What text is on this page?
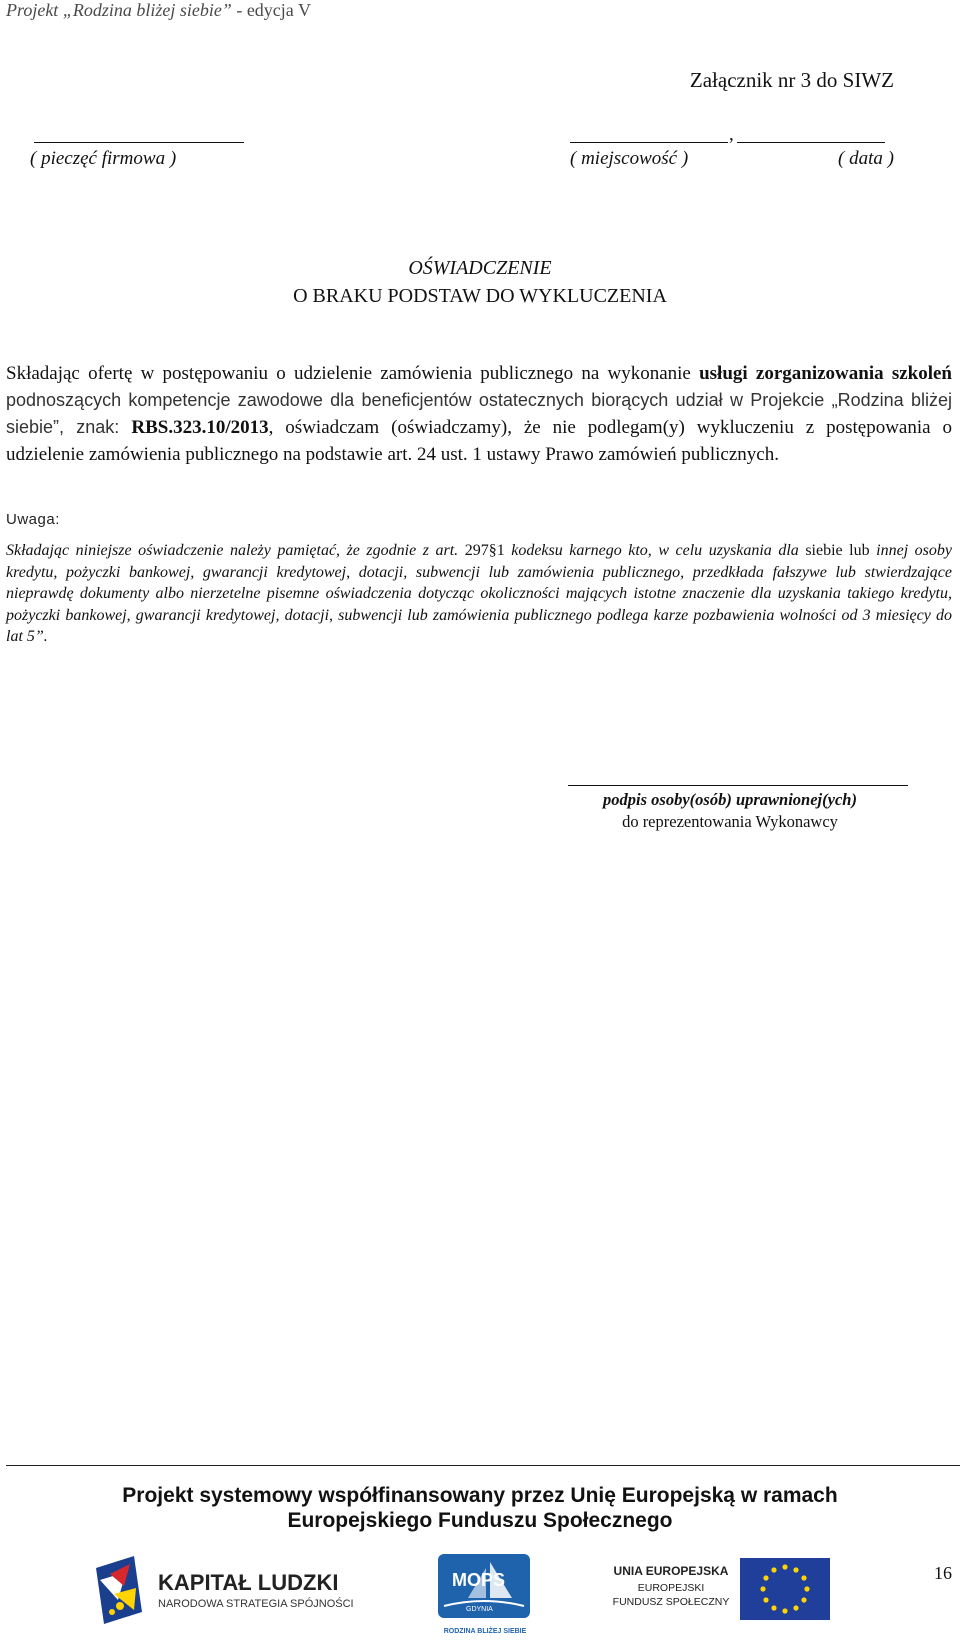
Projekt „Rodzina bliżej siebie” - edycja V
Załącznik nr 3 do SIWZ
,
( pieczęć firmowa )	( miejscowość )	( data )
OŚWIADCZENIE
O BRAKU PODSTAW DO WYKLUCZENIA
Składając ofertę w postępowaniu o udzielenie zamówienia publicznego na wykonanie usługi zorganizowania szkoleń podnoszących kompetencje zawodowe dla beneficjentów ostatecznych biorących udział w Projekcie „Rodzina bliżej siebie”, znak: RBS.323.10/2013, oświadczam (oświadczamy), że nie podlegam(y) wykluczeniu z postępowania o udzielenie zamówienia publicznego na podstawie art. 24 ust. 1 ustawy Prawo zamówień publicznych.
Uwaga:
Składając niniejsze oświadczenie należy pamiętać, że zgodnie z art. 297§1 kodeksu karnego kto, w celu uzyskania dla siebie lub innej osoby kredytu, pożyczki bankowej, gwarancji kredytowej, dotacji, subwencji lub zamówienia publicznego, przedkłada fałszywe lub stwierdzające nieprawdę dokumenty albo nierzetelne pisemne oświadczenia dotycząc okoliczności mających istotne znaczenie dla uzyskania takiego kredytu, pożyczki bankowej, gwarancji kredytowej, dotacji, subwencji lub zamówienia publicznego podlega karze pozbawienia wolności od 3 miesięcy do lat 5”.
podpis osoby(osób) uprawnionej(ych)
do reprezentowania Wykonawcy
Projekt systemowy współfinansowany przez Unię Europejską w ramach
Europejskiego Funduszu Społecznego
KAPITAŁ LUDZKI
NARODOWA STRATEGIA SPÓJNOŚCI
MOPS
GDYNIA
RODZINA BLIŻEJ SIEBIE
UNIA EUROPEJSKA
EUROPEJSKI
FUNDUSZ SPOŁECZNY
16
